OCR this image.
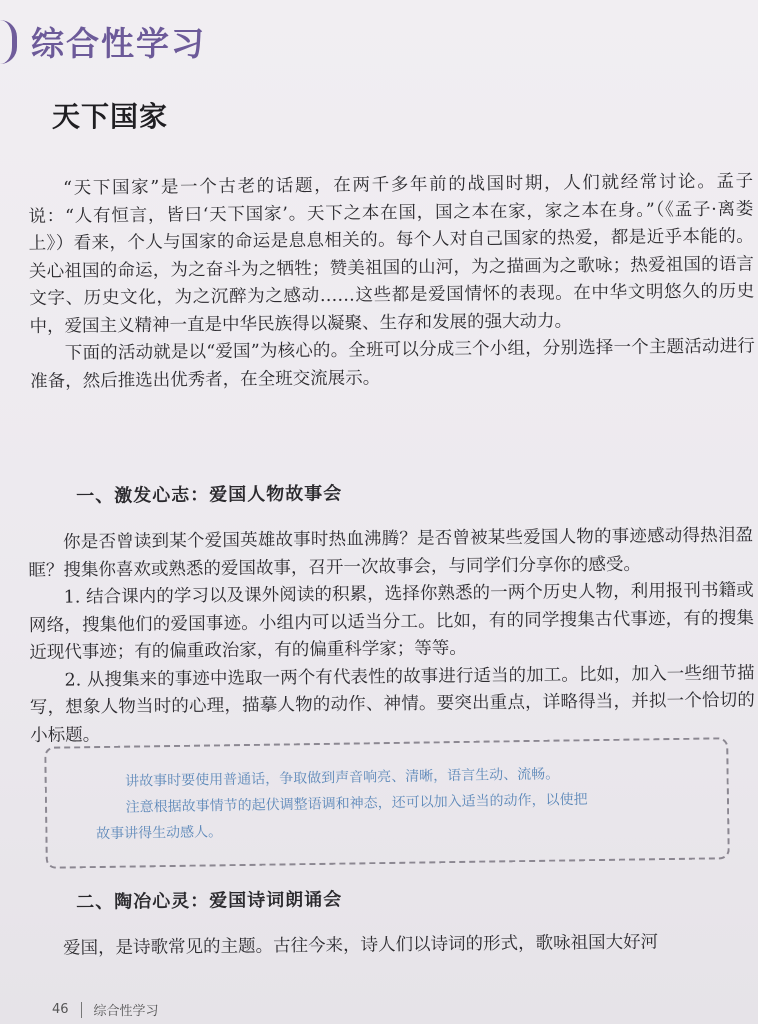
综合性学习
天下国家

“天下国家”是一个古老的话题，在两千多年前的战国时期，人们就经常讨论。孟子说：“人有恒言，皆曰‘天下国家’。天下之本在国，国之本在家，家之本在身。”（《孟子·离娄上》）看来，个人与国家的命运是息息相关的。每个人对自己国家的热爱，都是近乎本能的。关心祖国的命运，为之奋斗为之牺牲；赞美祖国的山河，为之描画为之歌咏；热爱祖国的语言文字、历史文化，为之沉醉为之感动……这些都是爱国情怀的表现。在中华文明悠久的历史中，爱国主义精神一直是中华民族得以凝聚、生存和发展的强大动力。

下面的活动就是以“爱国”为核心的。全班可以分成三个小组，分别选择一个主题活动进行准备，然后推选出优秀者，在全班交流展示。

一、激发心志：爱国人物故事会

你是否曾读到某个爱国英雄故事时热血沸腾？是否曾被某些爱国人物的事迹感动得热泪盈眶？搜集你喜欢或熟悉的爱国故事，召开一次故事会，与同学们分享你的感受。

1. 结合课内的学习以及课外阅读的积累，选择你熟悉的一两个历史人物，利用报刊书籍或网络，搜集他们的爱国事迹。小组内可以适当分工。比如，有的同学搜集古代事迹，有的搜集近现代事迹；有的偏重政治家，有的偏重科学家；等等。

2. 从搜集来的事迹中选取一两个有代表性的故事进行适当的加工。比如，加入一些细节描写，想象人物当时的心理，描摹人物的动作、神情。要突出重点，详略得当，并拟一个恰切的小标题。

讲故事时要使用普通话，争取做到声音响亮、清晰，语言生动、流畅。

注意根据故事情节的起伏调整语调和神态，还可以加入适当的动作，以使把

故事讲得生动感人。

二、陶冶心灵：爱国诗词朗诵会

爱国，是诗歌常见的主题。古往今来，诗人们以诗词的形式，歌咏祖国大好河

46 综合性学习
